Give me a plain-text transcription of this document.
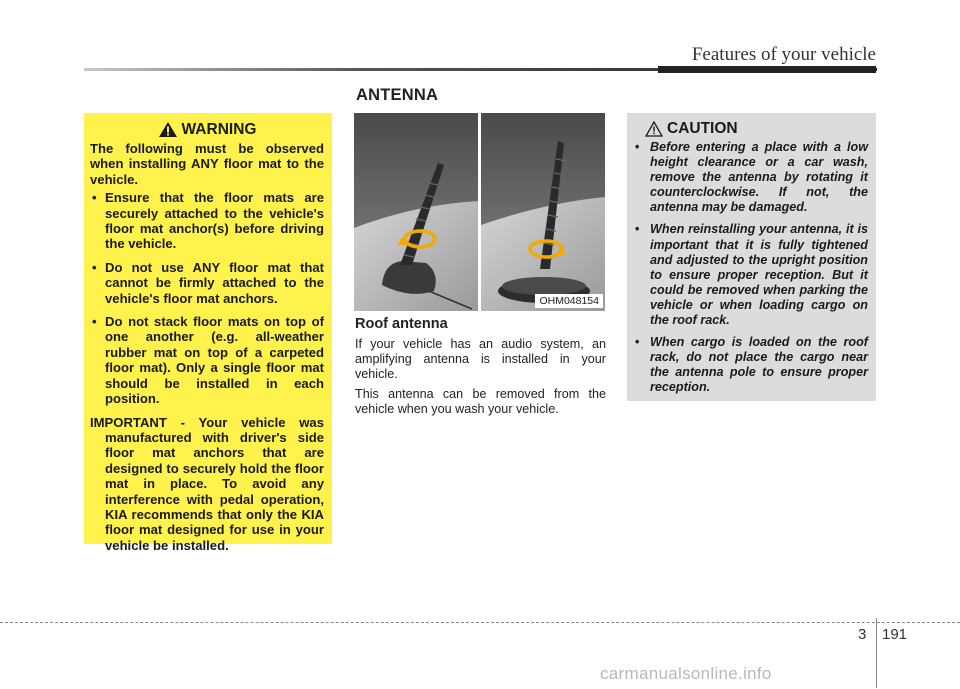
Features of your vehicle
ANTENNA
WARNING

The following must be observed when installing ANY floor mat to the vehicle.

• Ensure that the floor mats are securely attached to the vehicle's floor mat anchor(s) before driving the vehicle.
• Do not use ANY floor mat that cannot be firmly attached to the vehicle's floor mat anchors.
• Do not stack floor mats on top of one another (e.g. all-weather rubber mat on top of a carpeted floor mat). Only a single floor mat should be installed in each position.

IMPORTANT - Your vehicle was manufactured with driver's side floor mat anchors that are designed to securely hold the floor mat in place. To avoid any interference with pedal operation, KIA recommends that only the KIA floor mat designed for use in your vehicle be installed.

OHM048154
Roof antenna

If your vehicle has an audio system, an amplifying antenna is installed in your vehicle.

This antenna can be removed from the vehicle when you wash your vehicle.

CAUTION
• Before entering a place with a low height clearance or a car wash, remove the antenna by rotating it counterclockwise. If not, the antenna may be damaged.
• When reinstalling your antenna, it is important that it is fully tightened and adjusted to the upright position to ensure proper reception. But it could be removed when parking the vehicle or when loading cargo on the roof rack.
• When cargo is loaded on the roof rack, do not place the cargo near the antenna pole to ensure proper reception.
3 191
carmanualsonline.info
